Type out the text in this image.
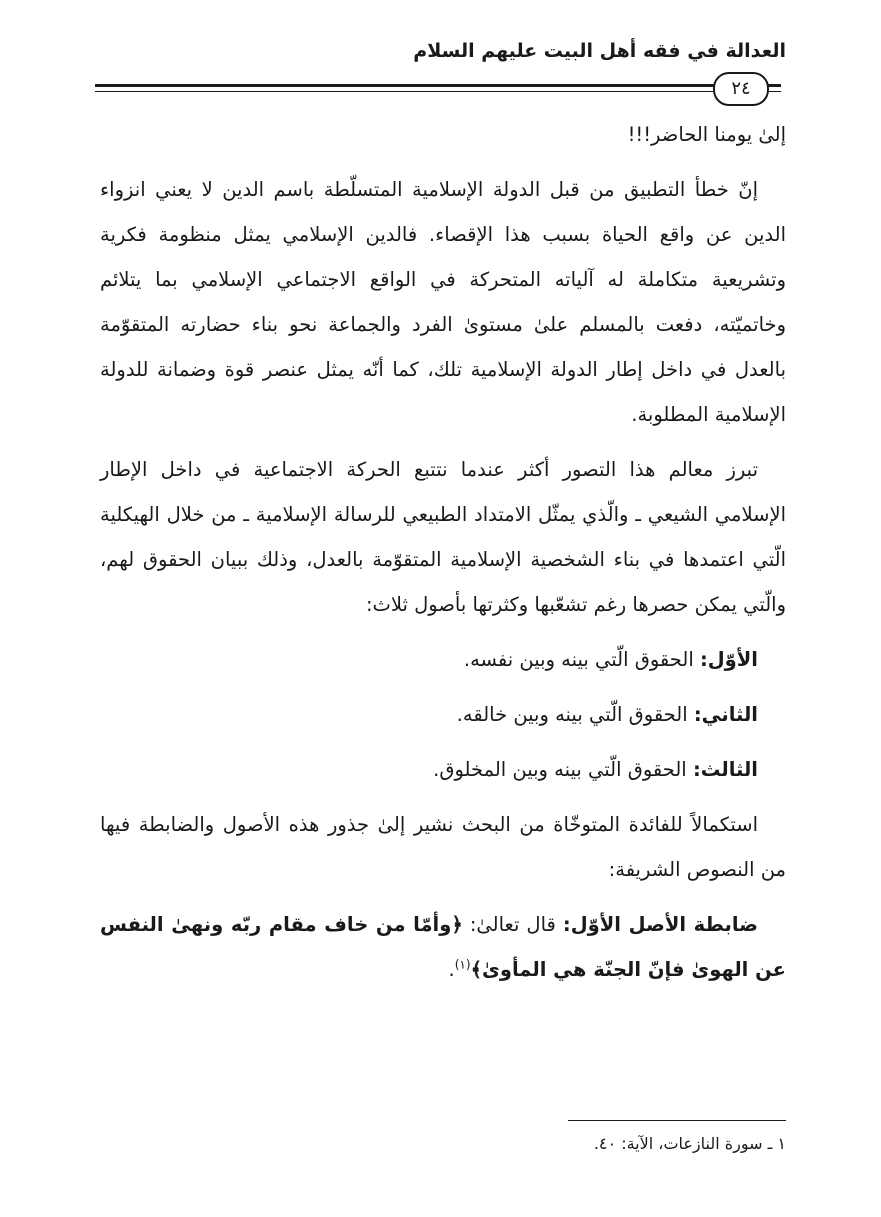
العدالة في فقه أهل البيت عليهم السلام
٢٤

إلىٰ يومنا الحاضر!!!

إنّ خطأ التطبيق من قبل الدولة الإسلامية المتسلّطة باسم الدين لا يعني انزواء الدين عن واقع الحياة بسبب هذا الإقصاء. فالدين الإسلامي يمثل منظومة فكرية وتشريعية متكاملة له آلياته المتحركة في الواقع الاجتماعي الإسلامي بما يتلائم وخاتميّته، دفعت بالمسلم علىٰ مستوىٰ الفرد والجماعة نحو بناء حضارته المتقوّمة بالعدل في داخل إطار الدولة الإسلامية تلك، كما أنّه يمثل عنصر قوة وضمانة للدولة الإسلامية المطلوبة.

تبرز معالم هذا التصور أكثر عندما نتتبع الحركة الاجتماعية في داخل الإطار الإسلامي الشيعي ـ والّذي يمثّل الامتداد الطبيعي للرسالة الإسلامية ـ من خلال الهيكلية الّتي اعتمدها في بناء الشخصية الإسلامية المتقوّمة بالعدل، وذلك ببيان الحقوق لهم، والّتي يمكن حصرها رغم تشعّبها وكثرتها بأصول ثلاث:

الأوّل: الحقوق الّتي بينه وبين نفسه.

الثاني: الحقوق الّتي بينه وبين خالقه.

الثالث: الحقوق الّتي بينه وبين المخلوق.

استكمالاً للفائدة المتوخّاة من البحث نشير إلىٰ جذور هذه الأصول والضابطة فيها من النصوص الشريفة:

ضابطة الأصل الأوّل: قال تعالىٰ: ﴿وأمّا من خاف مقام ربّه ونهىٰ النفس عن الهوىٰ فإنّ الجنّة هي المأوىٰ﴾$^{(١)}$.

١ ـ سورة النازعات، الآية: ٤٠.
